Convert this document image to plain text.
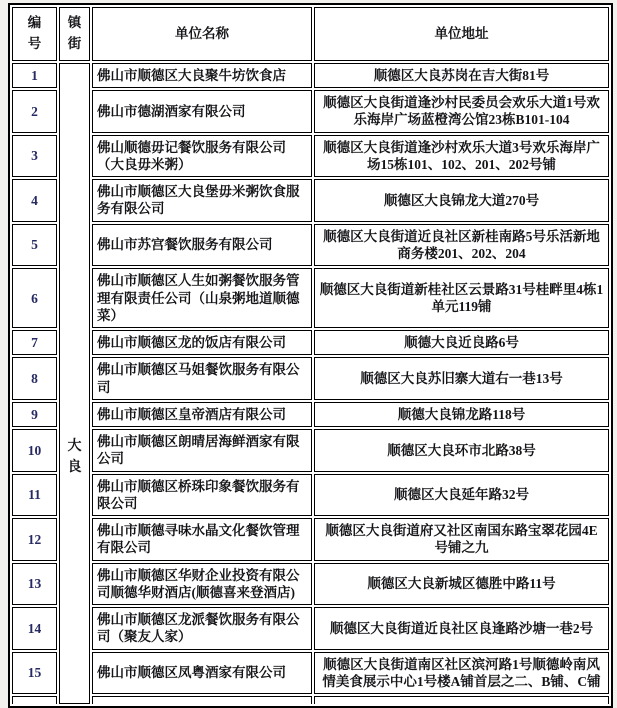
编号	镇街	单位名称	单位地址
1	大良	佛山市顺德区大良聚牛坊饮食店	顺德区大良苏岗在吉大街81号
2		佛山市德湖酒家有限公司	顺德区大良街道逢沙村民委员会欢乐大道1号欢乐海岸广场蓝橙湾公馆23栋B101-104
3		佛山顺德毋记餐饮服务有限公司（大良毋米粥）	顺德区大良街道逢沙村欢乐大道3号欢乐海岸广场15栋101、102、201、202号铺
4		佛山市顺德区大良堡毋米粥饮食服务有限公司	顺德区大良锦龙大道270号
5		佛山市苏宫餐饮服务有限公司	顺德区大良街道近良社区新桂南路5号乐活新地商务楼201、202、204
6		佛山市顺德区人生如粥餐饮服务管理有限责任公司（山泉粥地道顺德菜）	顺德区大良街道新桂社区云景路31号桂畔里4栋1单元119铺
7		佛山市顺德区龙的饭店有限公司	顺德大良近良路6号
8		佛山市顺德区马姐餐饮服务有限公司	顺德区大良苏旧寨大道右一巷13号
9		佛山市顺德区皇帝酒店有限公司	顺德大良锦龙路118号
10		佛山市顺德区朗晴居海鲜酒家有限公司	顺德区大良环市北路38号
11		佛山市顺德区桥珠印象餐饮服务有限公司	顺德区大良延年路32号
12		佛山市顺德寻味水晶文化餐饮管理有限公司	顺德区大良街道府又社区南国东路宝翠花园4E号铺之九
13		佛山市顺德区华财企业投资有限公司顺德华财酒店(顺德喜来登酒店)	顺德区大良新城区德胜中路11号
14		佛山市顺德区龙派餐饮服务有限公司（聚友人家）	顺德区大良街道近良社区良逢路沙塘一巷2号
15		佛山市顺德区凤粤酒家有限公司	顺德区大良街道南区社区滨河路1号顺德岭南风情美食展示中心1号楼A铺首层之二、B铺、C铺
